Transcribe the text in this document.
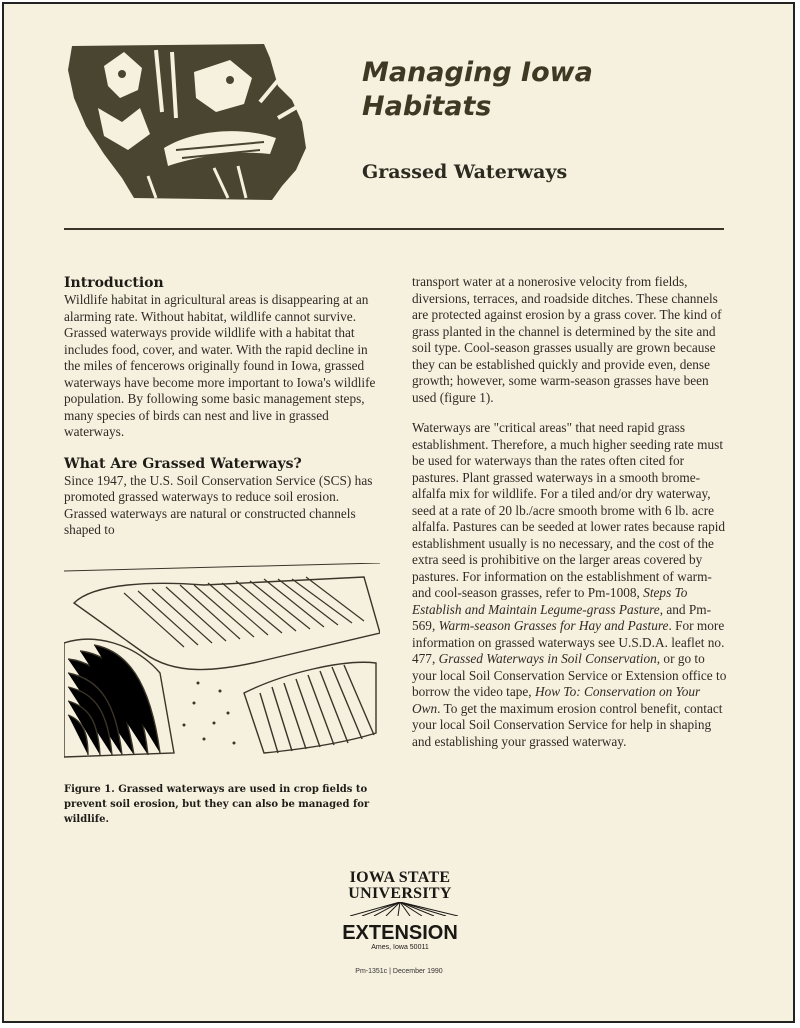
Managing Iowa
Habitats
Grassed Waterways
Introduction

Wildlife habitat in agricultural areas is disappearing at an alarming rate. Without habitat, wildlife cannot survive. Grassed waterways provide wildlife with a habitat that includes food, cover, and water. With the rapid decline in the miles of fencerows originally found in Iowa, grassed waterways have become more important to Iowa's wildlife population. By following some basic management steps, many species of birds can nest and live in grassed waterways.

What Are Grassed Waterways?

Since 1947, the U.S. Soil Conservation Service (SCS) has promoted grassed waterways to reduce soil erosion. Grassed waterways are natural or constructed channels shaped to

Figure 1. Grassed waterways are used in crop fields to prevent soil erosion, but they can also be managed for wildlife.

transport water at a nonerosive velocity from fields, diversions, terraces, and roadside ditches. These channels are protected against erosion by a grass cover. The kind of grass planted in the channel is determined by the site and soil type. Cool-season grasses usually are grown because they can be established quickly and provide even, dense growth; however, some warm-season grasses have been used (figure 1).

Waterways are "critical areas" that need rapid grass establishment. Therefore, a much higher seeding rate must be used for waterways than the rates often cited for pastures. Plant grassed waterways in a smooth brome-alfalfa mix for wildlife. For a tiled and/or dry waterway, seed at a rate of 20 lb./acre smooth brome with 6 lb. acre alfalfa. Pastures can be seeded at lower rates because rapid establishment usually is no necessary, and the cost of the extra seed is prohibitive on the larger areas covered by pastures. For information on the establishment of warm- and cool-season grasses, refer to Pm-1008, Steps To Establish and Maintain Legume-grass Pasture, and Pm-569, Warm-season Grasses for Hay and Pasture. For more information on grassed waterways see U.S.D.A. leaflet no. 477, Grassed Waterways in Soil Conservation, or go to your local Soil Conservation Service or Extension office to borrow the video tape, How To: Conservation on Your Own. To get the maximum erosion control benefit, contact your local Soil Conservation Service for help in shaping and establishing your grassed waterway.

IOWA STATE
UNIVERSITY
EXTENSION
Ames, Iowa 50011
Pm-1351c | December 1990
